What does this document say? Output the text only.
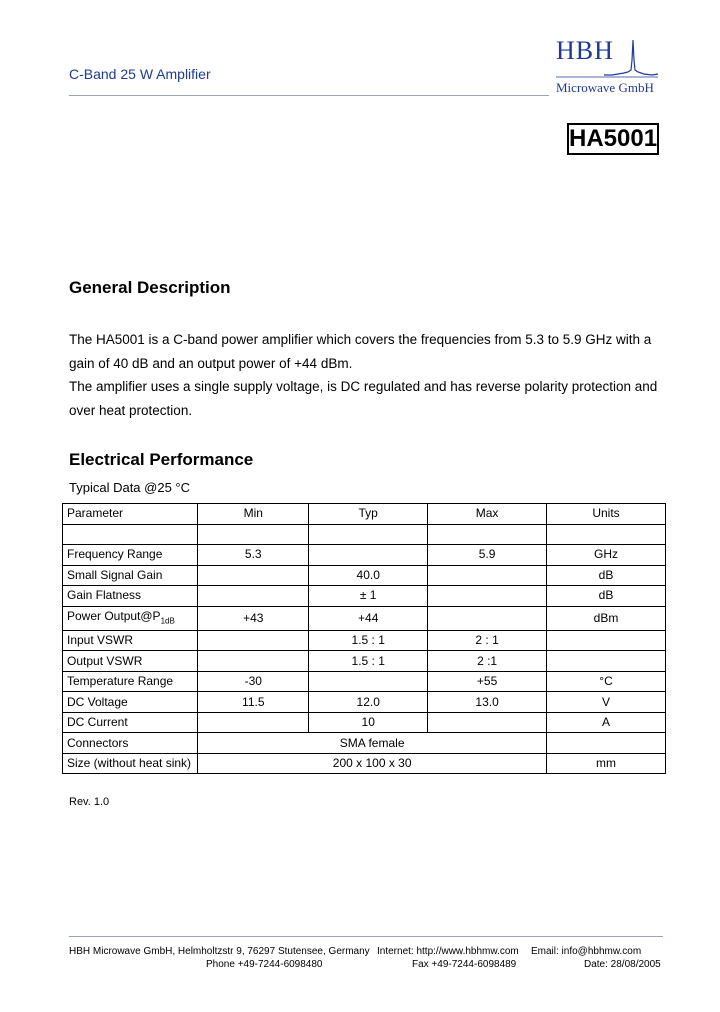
C-Band 25 W Amplifier
HBH
Microwave GmbH
HA5001
General Description

The HA5001 is a C-band power amplifier which covers the frequencies from 5.3 to 5.9 GHz with a gain of 40 dB and an output power of +44 dBm.

The amplifier uses a single supply voltage, is DC regulated and has reverse polarity protection and over heat protection.

Electrical Performance
Typical Data @25 °C
Parameter	Min	Typ	Max	Units

Frequency Range	5.3		5.9	GHz
Small Signal Gain		40.0		dB
Gain Flatness		± 1		dB
Power $Output@P_{1dB}$	+43	+44		dBm
Input VSWR		1.5 : 1	2 : 1	
Output VSWR		1.5 : 1	2 :1	
Temperature Range	-30		+55	°C
DC Voltage	11.5	12.0	13.0	V
DC Current		10		A
Connectors	SMA female			
Size (without heat sink)	200 x 100 x 30			mm
Rev. 1.0
HBH Microwave GmbH, Helmholtzstr 9, 76297 Stutensee, Germany Internet: http://www.hbhmw.com Email: info@hbhmw.com
Phone +49-7244-6098480	Fax +49-7244-6098489	Date: 28/08/2005
